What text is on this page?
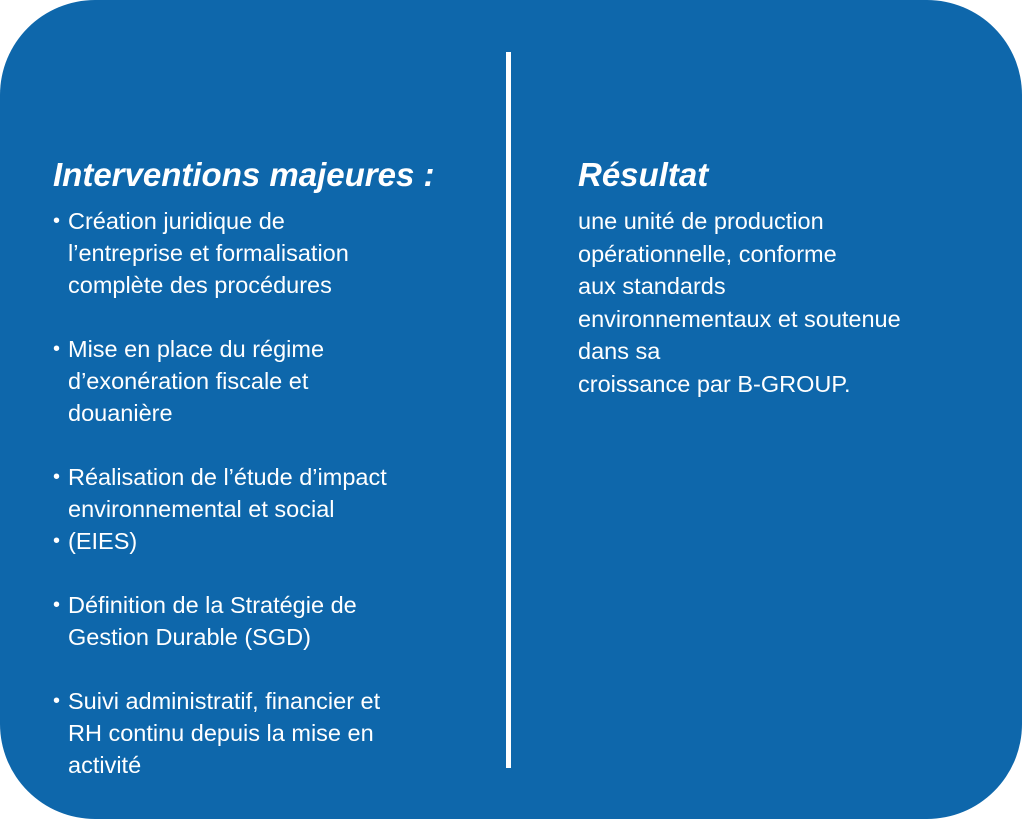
Interventions majeures :
• Création juridique de
l’entreprise et formalisation
complète des procédures
• Mise en place du régime
d’exonération fiscale et
douanière
• Réalisation de l’étude d’impact
environnemental et social
• (EIES)
• Définition de la Stratégie de
Gestion Durable (SGD)
• Suivi administratif, financier et
RH continu depuis la mise en
activité
Résultat
une unité de production
opérationnelle, conforme
aux standards
environnementaux et soutenue
dans sa
croissance par B-GROUP.
